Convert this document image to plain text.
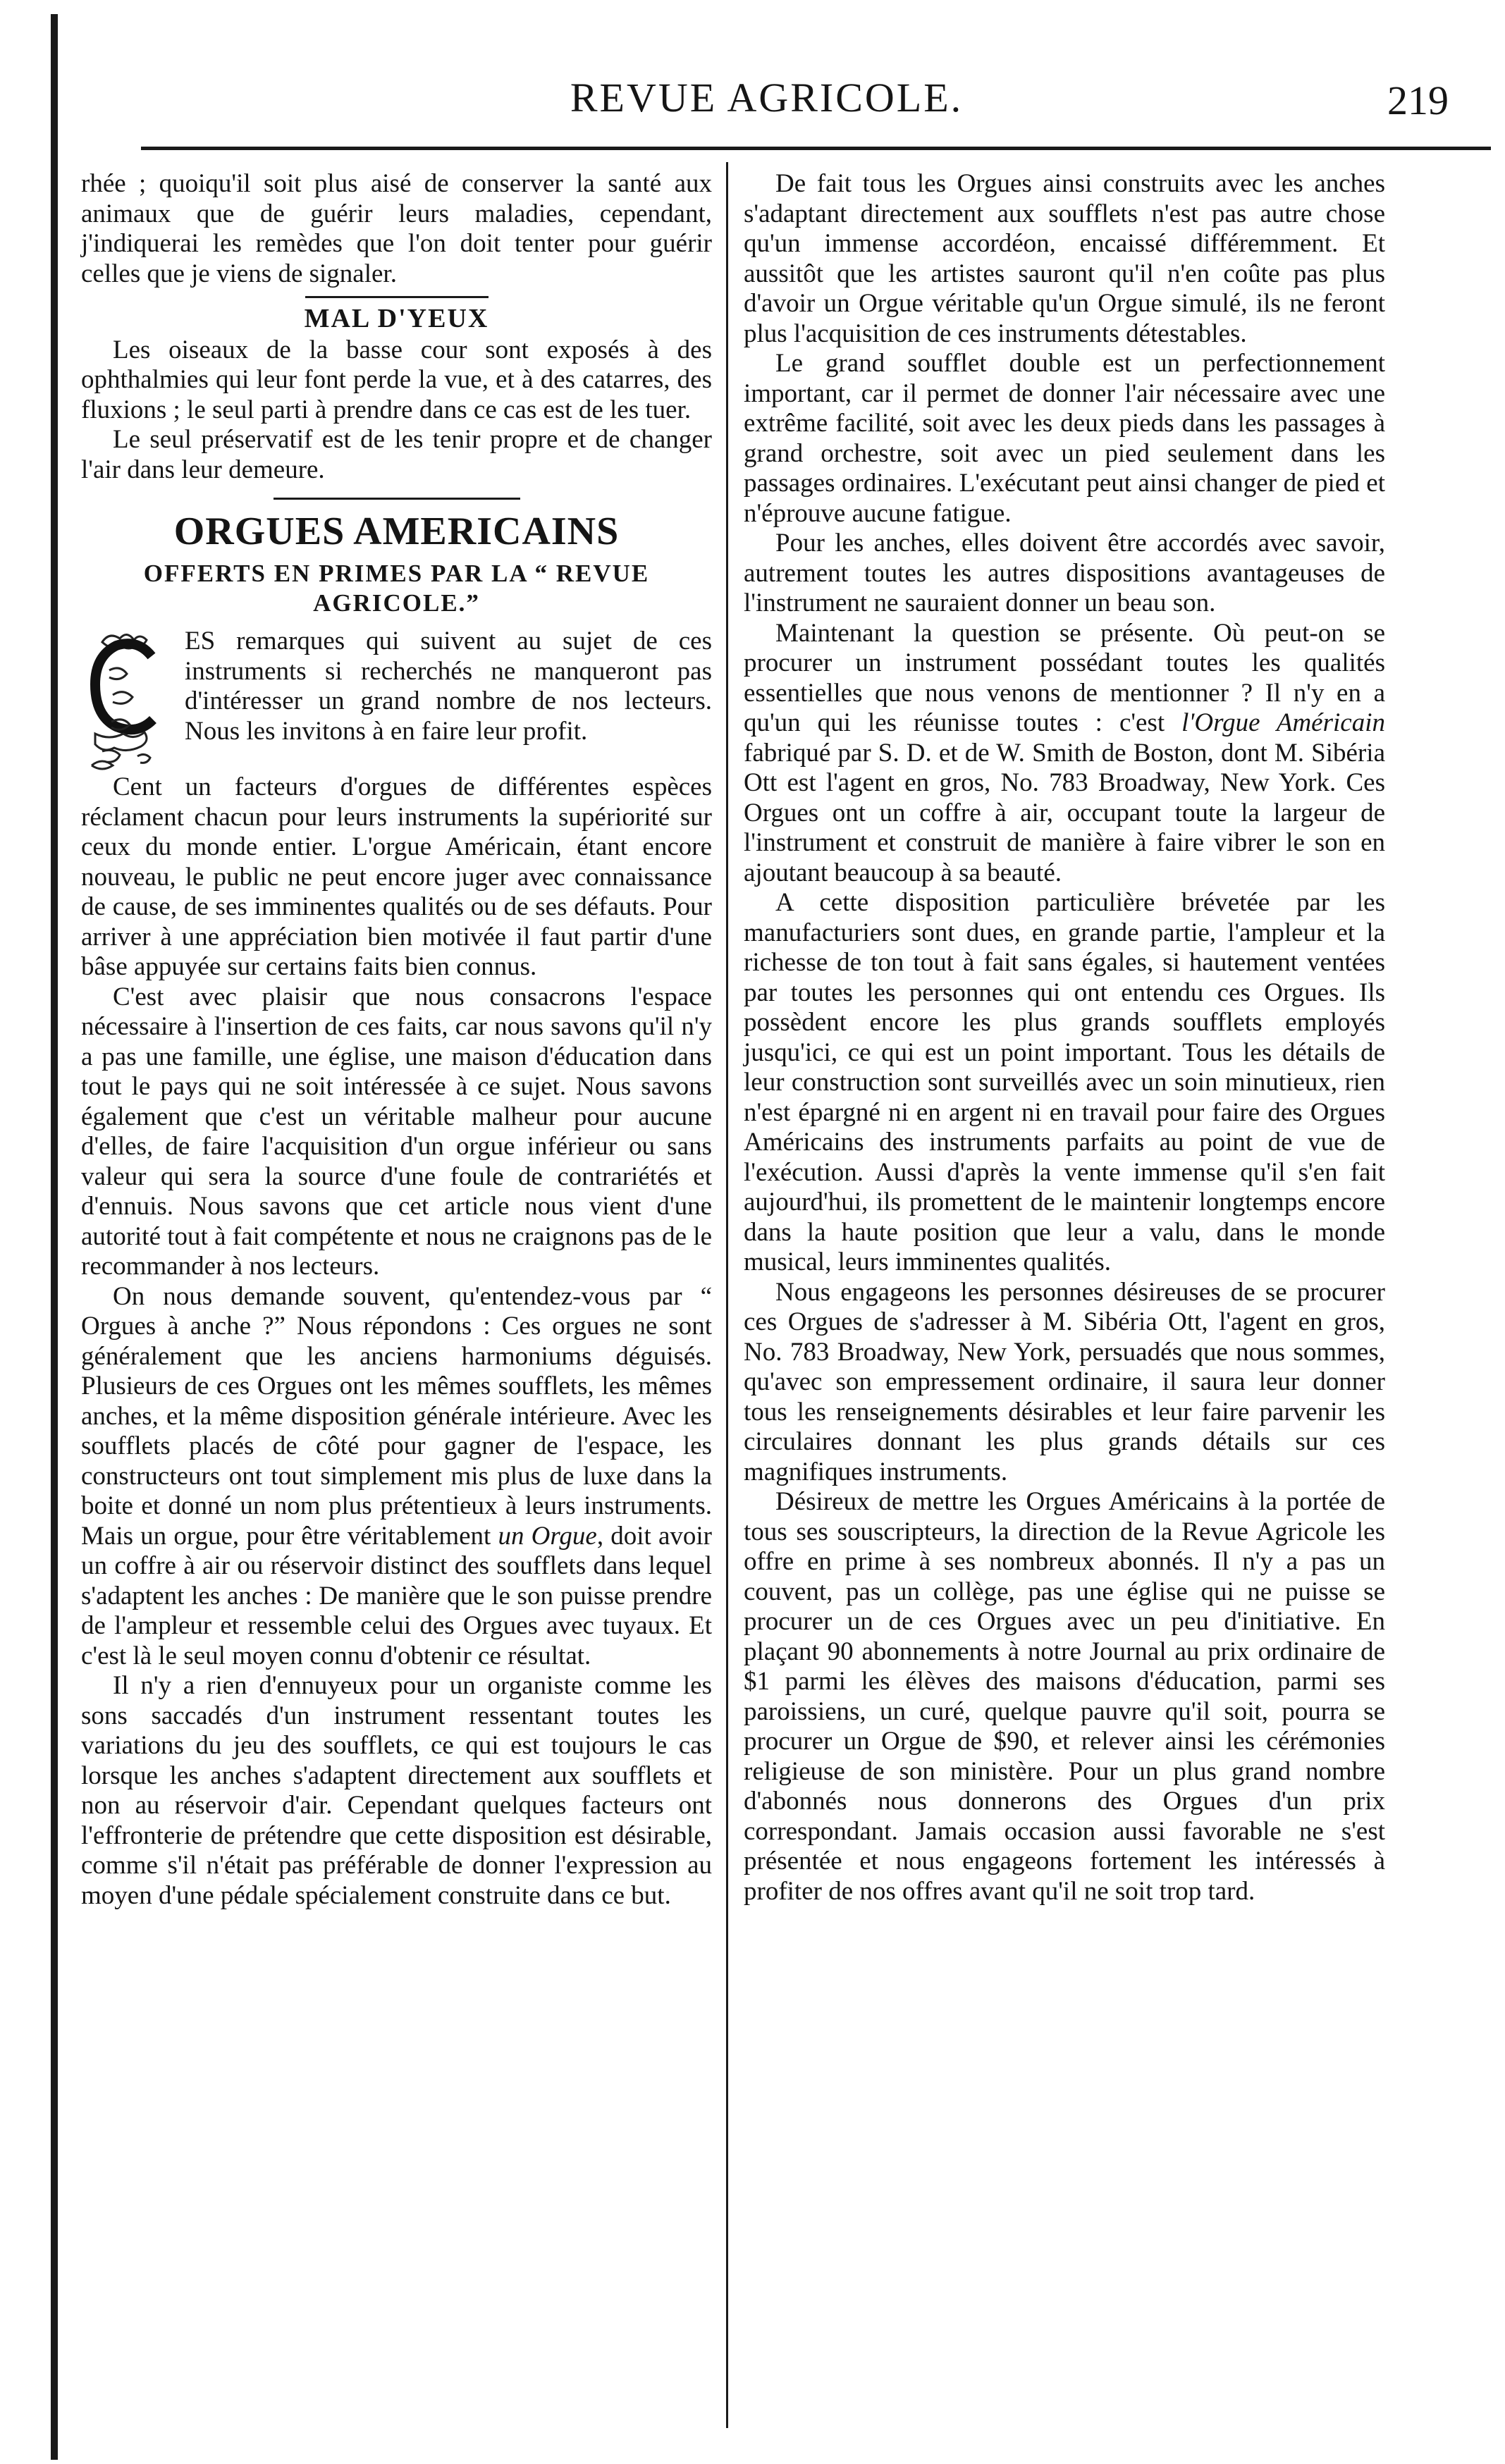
REVUE AGRICOLE.	219

rhée ; quoiqu'il soit plus aisé de conserver la santé aux animaux que de guérir leurs maladies, cependant, j'indiquerai les remèdes que l'on doit tenter pour guérir celles que je viens de signaler.

MAL D'YEUX

Les oiseaux de la basse cour sont exposés à des ophthalmies qui leur font perde la vue, et à des catarres, des fluxions ; le seul parti à prendre dans ce cas est de les tuer.

Le seul préservatif est de les tenir propre et de changer l'air dans leur demeure.

ORGUES AMERICAINS
OFFERTS EN PRIMES PAR LA “ REVUE AGRICOLE.”

ES remarques qui suivent au sujet de ces instruments si recherchés ne manqueront pas d'intéresser un grand nombre de nos lecteurs. Nous les invitons à en faire leur profit.

Cent un facteurs d'orgues de différentes espèces réclament chacun pour leurs instruments la supériorité sur ceux du monde entier. L'orgue Américain, étant encore nouveau, le public ne peut encore juger avec connaissance de cause, de ses imminentes qualités ou de ses défauts. Pour arriver à une appréciation bien motivée il faut partir d'une bâse appuyée sur certains faits bien connus.

C'est avec plaisir que nous consacrons l'espace nécessaire à l'insertion de ces faits, car nous savons qu'il n'y a pas une famille, une église, une maison d'éducation dans tout le pays qui ne soit intéressée à ce sujet. Nous savons également que c'est un véritable malheur pour aucune d'elles, de faire l'acquisition d'un orgue inférieur ou sans valeur qui sera la source d'une foule de contrariétés et d'ennuis. Nous savons que cet article nous vient d'une autorité tout à fait compétente et nous ne craignons pas de le recommander à nos lecteurs.

On nous demande souvent, qu'entendez-vous par “ Orgues à anche ?” Nous répondons : Ces orgues ne sont généralement que les anciens harmoniums déguisés. Plusieurs de ces Orgues ont les mêmes soufflets, les mêmes anches, et la même disposition générale intérieure. Avec les soufflets placés de côté pour gagner de l'espace, les constructeurs ont tout simplement mis plus de luxe dans la boite et donné un nom plus prétentieux à leurs instruments. Mais un orgue, pour être véritablement un Orgue, doit avoir un coffre à air ou réservoir distinct des soufflets dans lequel s'adaptent les anches : De manière que le son puisse prendre de l'ampleur et ressemble celui des Orgues avec tuyaux. Et c'est là le seul moyen connu d'obtenir ce résultat.

Il n'y a rien d'ennuyeux pour un organiste comme les sons saccadés d'un instrument ressentant toutes les variations du jeu des soufflets, ce qui est toujours le cas lorsque les anches s'adaptent directement aux soufflets et non au réservoir d'air. Cependant quelques facteurs ont l'effronterie de prétendre que cette disposition est désirable, comme s'il n'était pas préférable de donner l'expression au moyen d'une pédale spécialement construite dans ce but.

De fait tous les Orgues ainsi construits avec les anches s'adaptant directement aux soufflets n'est pas autre chose qu'un immense accordéon, encaissé différemment. Et aussitôt que les artistes sauront qu'il n'en coûte pas plus d'avoir un Orgue véritable qu'un Orgue simulé, ils ne feront plus l'acquisition de ces instruments détestables.

Le grand soufflet double est un perfectionnement important, car il permet de donner l'air nécessaire avec une extrême facilité, soit avec les deux pieds dans les passages à grand orchestre, soit avec un pied seulement dans les passages ordinaires. L'exécutant peut ainsi changer de pied et n'éprouve aucune fatigue.

Pour les anches, elles doivent être accordés avec savoir, autrement toutes les autres dispositions avantageuses de l'instrument ne sauraient donner un beau son.

Maintenant la question se présente. Où peut-on se procurer un instrument possédant toutes les qualités essentielles que nous venons de mentionner ? Il n'y en a qu'un qui les réunisse toutes : c'est l'Orgue Américain fabriqué par S. D. et de W. Smith de Boston, dont M. Sibéria Ott est l'agent en gros, No. 783 Broadway, New York. Ces Orgues ont un coffre à air, occupant toute la largeur de l'instrument et construit de manière à faire vibrer le son en ajoutant beaucoup à sa beauté.

A cette disposition particulière brévetée par les manufacturiers sont dues, en grande partie, l'ampleur et la richesse de ton tout à fait sans égales, si hautement ventées par toutes les personnes qui ont entendu ces Orgues. Ils possèdent encore les plus grands soufflets employés jusqu'ici, ce qui est un point important. Tous les détails de leur construction sont surveillés avec un soin minutieux, rien n'est épargné ni en argent ni en travail pour faire des Orgues Américains des instruments parfaits au point de vue de l'exécution. Aussi d'après la vente immense qu'il s'en fait aujourd'hui, ils promettent de le maintenir longtemps encore dans la haute position que leur a valu, dans le monde musical, leurs imminentes qualités.

Nous engageons les personnes désireuses de se procurer ces Orgues de s'adresser à M. Sibéria Ott, l'agent en gros, No. 783 Broadway, New York, persuadés que nous sommes, qu'avec son empressement ordinaire, il saura leur donner tous les renseignements désirables et leur faire parvenir les circulaires donnant les plus grands détails sur ces magnifiques instruments.

Désireux de mettre les Orgues Américains à la portée de tous ses souscripteurs, la direction de la Revue Agricole les offre en prime à ses nombreux abonnés. Il n'y a pas un couvent, pas un collège, pas une église qui ne puisse se procurer un de ces Orgues avec un peu d'initiative. En plaçant 90 abonnements à notre Journal au prix ordinaire de $1 parmi les élèves des maisons d'éducation, parmi ses paroissiens, un curé, quelque pauvre qu'il soit, pourra se procurer un Orgue de $90, et relever ainsi les cérémonies religieuse de son ministère. Pour un plus grand nombre d'abonnés nous donnerons des Orgues d'un prix correspondant. Jamais occasion aussi favorable ne s'est présentée et nous engageons fortement les intéressés à profiter de nos offres avant qu'il ne soit trop tard.
